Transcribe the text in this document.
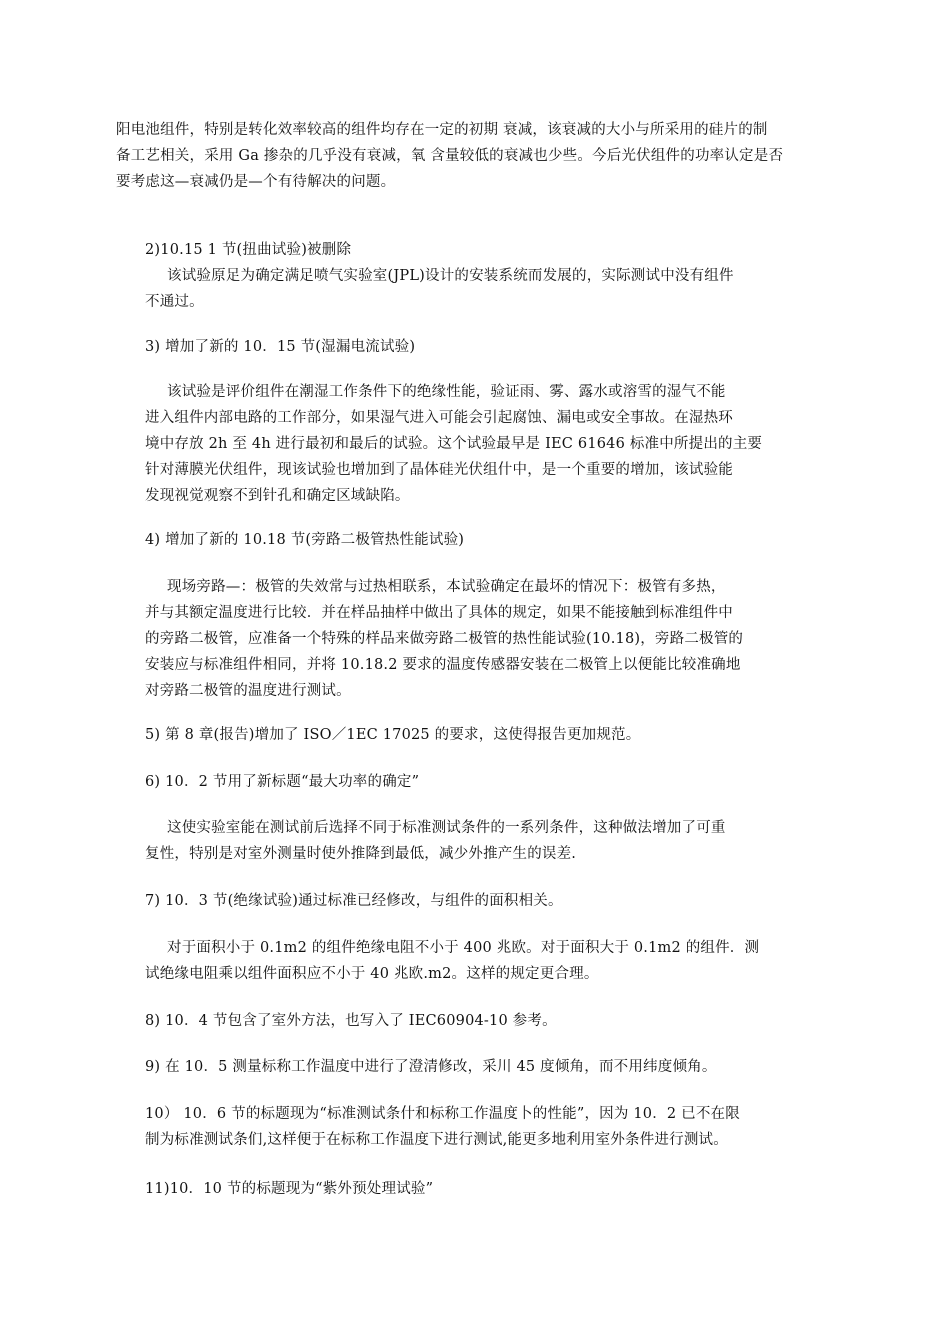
阳电池组件，特别是转化效率较高的组件均存在一定的初期 衰减，该衰减的大小与所采用的硅片的制
备工艺相关，采用 Ga 掺杂的几乎没有衰减，氧 含量较低的衰减也少些。今后光伏组件的功率认定是否
要考虑这—衰减仍是—个有待解决的问题。
2)10.15 1 节(扭曲试验)被删除
该试验原足为确定满足喷气实验室(JPL)设计的安装系统而发展的，实际测试中没有组件
不通过。
3) 增加了新的 10．15 节(湿漏电流试验)
该试验是评价组件在潮湿工作条件下的绝缘性能，验证雨、雾、露水或溶雪的湿气不能
进入组件内部电路的工作部分，如果湿气进入可能会引起腐蚀、漏电或安全事故。在湿热环
境中存放 2h 至 4h 进行最初和最后的试验。这个试验最早是 IEC 61646 标准中所提出的主要
针对薄膜光伏组件，现该试验也增加到了晶体硅光伏组什中，是一个重要的增加，该试验能
发现视觉观察不到针孔和确定区域缺陷。
4) 增加了新的 10.18 节(旁路二极管热性能试验)
现场旁路—：极管的失效常与过热相联系，本试验确定在最坏的情况下：极管有多热，
并与其额定温度进行比较．并在样品抽样中做出了具体的规定，如果不能接触到标准组件中
的旁路二极管，应准备一个特殊的样品来做旁路二极管的热性能试验(10.18)，旁路二极管的
安装应与标准组件相同，并将 10.18.2 要求的温度传感器安装在二极管上以便能比较准确地
对旁路二极管的温度进行测试。
5) 第 8 章(报告)增加了 ISO／1EC 17025 的要求，这使得报告更加规范。
6) 10．2 节用了新标题“最大功率的确定”
这使实验室能在测试前后选择不同于标准测试条件的一系列条件，这种做法增加了可重
复性，特别是对室外测量时使外推降到最低，减少外推产生的误差.
7) 10．3 节(绝缘试验)通过标准已经修改，与组件的面积相关。
对于面积小于 0.1m2 的组件绝缘电阻不小于 400 兆欧。对于面积大于 0.1m2 的组件．测
试绝缘电阻乘以组件面积应不小于 40 兆欧.m2。这样的规定更合理。
8) 10．4 节包含了室外方法，也写入了 IEC60904-10 参考。
9) 在 10．5 测量标称工作温度中进行了澄清修改，采川 45 度倾角，而不用纬度倾角。
10） 10．6 节的标题现为“标准测试条什和标称工作温度卜的性能”，因为 10．2 已不在限
制为标准测试条们,这样便于在标称工作温度下进行测试,能更多地利用室外条件进行测试。
11)10．10 节的标题现为“紫外预处理试验”
